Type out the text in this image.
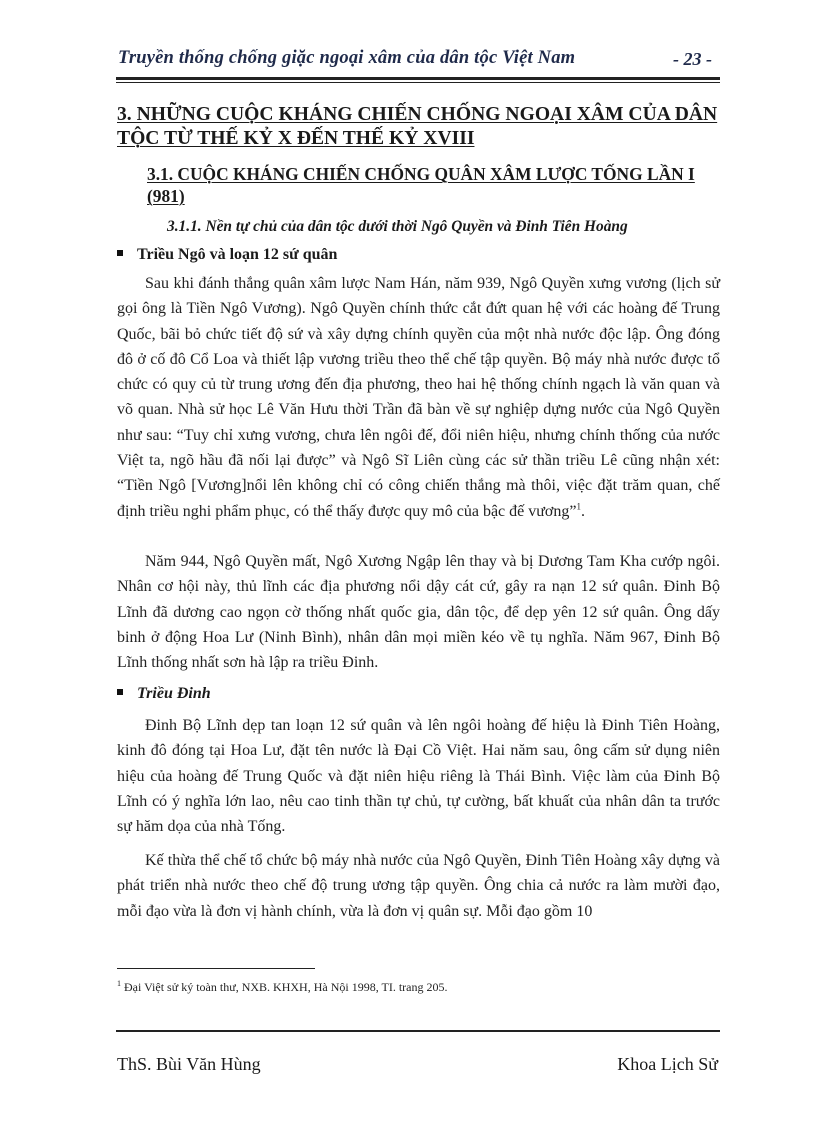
Truyền thống chống giặc ngoại xâm của dân tộc Việt Nam	- 23 -
3. NHỮNG CUỘC KHÁNG CHIẾN CHỐNG NGOẠI XÂM CỦA DÂN TỘC TỪ THẾ KỶ X ĐẾN THẾ KỶ XVIII
3.1. CUỘC KHÁNG CHIẾN CHỐNG QUÂN XÂM LƯỢC TỐNG LẦN I (981)
3.1.1. Nền tự chủ của dân tộc dưới thời Ngô Quyền và Đinh Tiên Hoàng
Triều Ngô và loạn 12 sứ quân

Sau khi đánh thắng quân xâm lược Nam Hán, năm 939, Ngô Quyền xưng vương (lịch sử gọi ông là Tiền Ngô Vương). Ngô Quyền chính thức cắt đứt quan hệ với các hoàng đế Trung Quốc, bãi bỏ chức tiết độ sứ và xây dựng chính quyền của một nhà nước độc lập. Ông đóng đô ở cố đô Cổ Loa và thiết lập vương triều theo thể chế tập quyền. Bộ máy nhà nước được tổ chức có quy củ từ trung ương đến địa phương, theo hai hệ thống chính ngạch là văn quan và võ quan. Nhà sử học Lê Văn Hưu thời Trần đã bàn về sự nghiệp dựng nước của Ngô Quyền như sau: “Tuy chỉ xưng vương, chưa lên ngôi đế, đổi niên hiệu, nhưng chính thống của nước Việt ta, ngõ hầu đã nối lại được” và Ngô Sĩ Liên cùng các sử thần triều Lê cũng nhận xét: “Tiền Ngô [Vương]nổi lên không chỉ có công chiến thắng mà thôi, việc đặt trăm quan, chế định triều nghi phẩm phục, có thể thấy được quy mô của bậc đế vương”$^1$.

Năm 944, Ngô Quyền mất, Ngô Xương Ngập lên thay và bị Dương Tam Kha cướp ngôi. Nhân cơ hội này, thủ lĩnh các địa phương nổi dậy cát cứ, gây ra nạn 12 sứ quân. Đinh Bộ Lĩnh đã dương cao ngọn cờ thống nhất quốc gia, dân tộc, để dẹp yên 12 sứ quân. Ông dấy binh ở động Hoa Lư (Ninh Bình), nhân dân mọi miền kéo về tụ nghĩa. Năm 967, Đinh Bộ Lĩnh thống nhất sơn hà lập ra triều Đinh.

Triều Đinh

Đinh Bộ Lĩnh dẹp tan loạn 12 sứ quân và lên ngôi hoàng đế hiệu là Đinh Tiên Hoàng, kinh đô đóng tại Hoa Lư, đặt tên nước là Đại Cồ Việt. Hai năm sau, ông cấm sử dụng niên hiệu của hoàng đế Trung Quốc và đặt niên hiệu riêng là Thái Bình. Việc làm của Đinh Bộ Lĩnh có ý nghĩa lớn lao, nêu cao tinh thần tự chủ, tự cường, bất khuất của nhân dân ta trước sự hăm dọa của nhà Tống.

Kế thừa thể chế tổ chức bộ máy nhà nước của Ngô Quyền, Đinh Tiên Hoàng xây dựng và phát triển nhà nước theo chế độ trung ương tập quyền. Ông chia cả nước ra làm mười đạo, mỗi đạo vừa là đơn vị hành chính, vừa là đơn vị quân sự. Mỗi đạo gồm 10

$^1$ Đại Việt sử ký toàn thư, NXB. KHXH, Hà Nội 1998, TI. trang 205.
ThS. Bùi Văn Hùng	Khoa Lịch Sử
